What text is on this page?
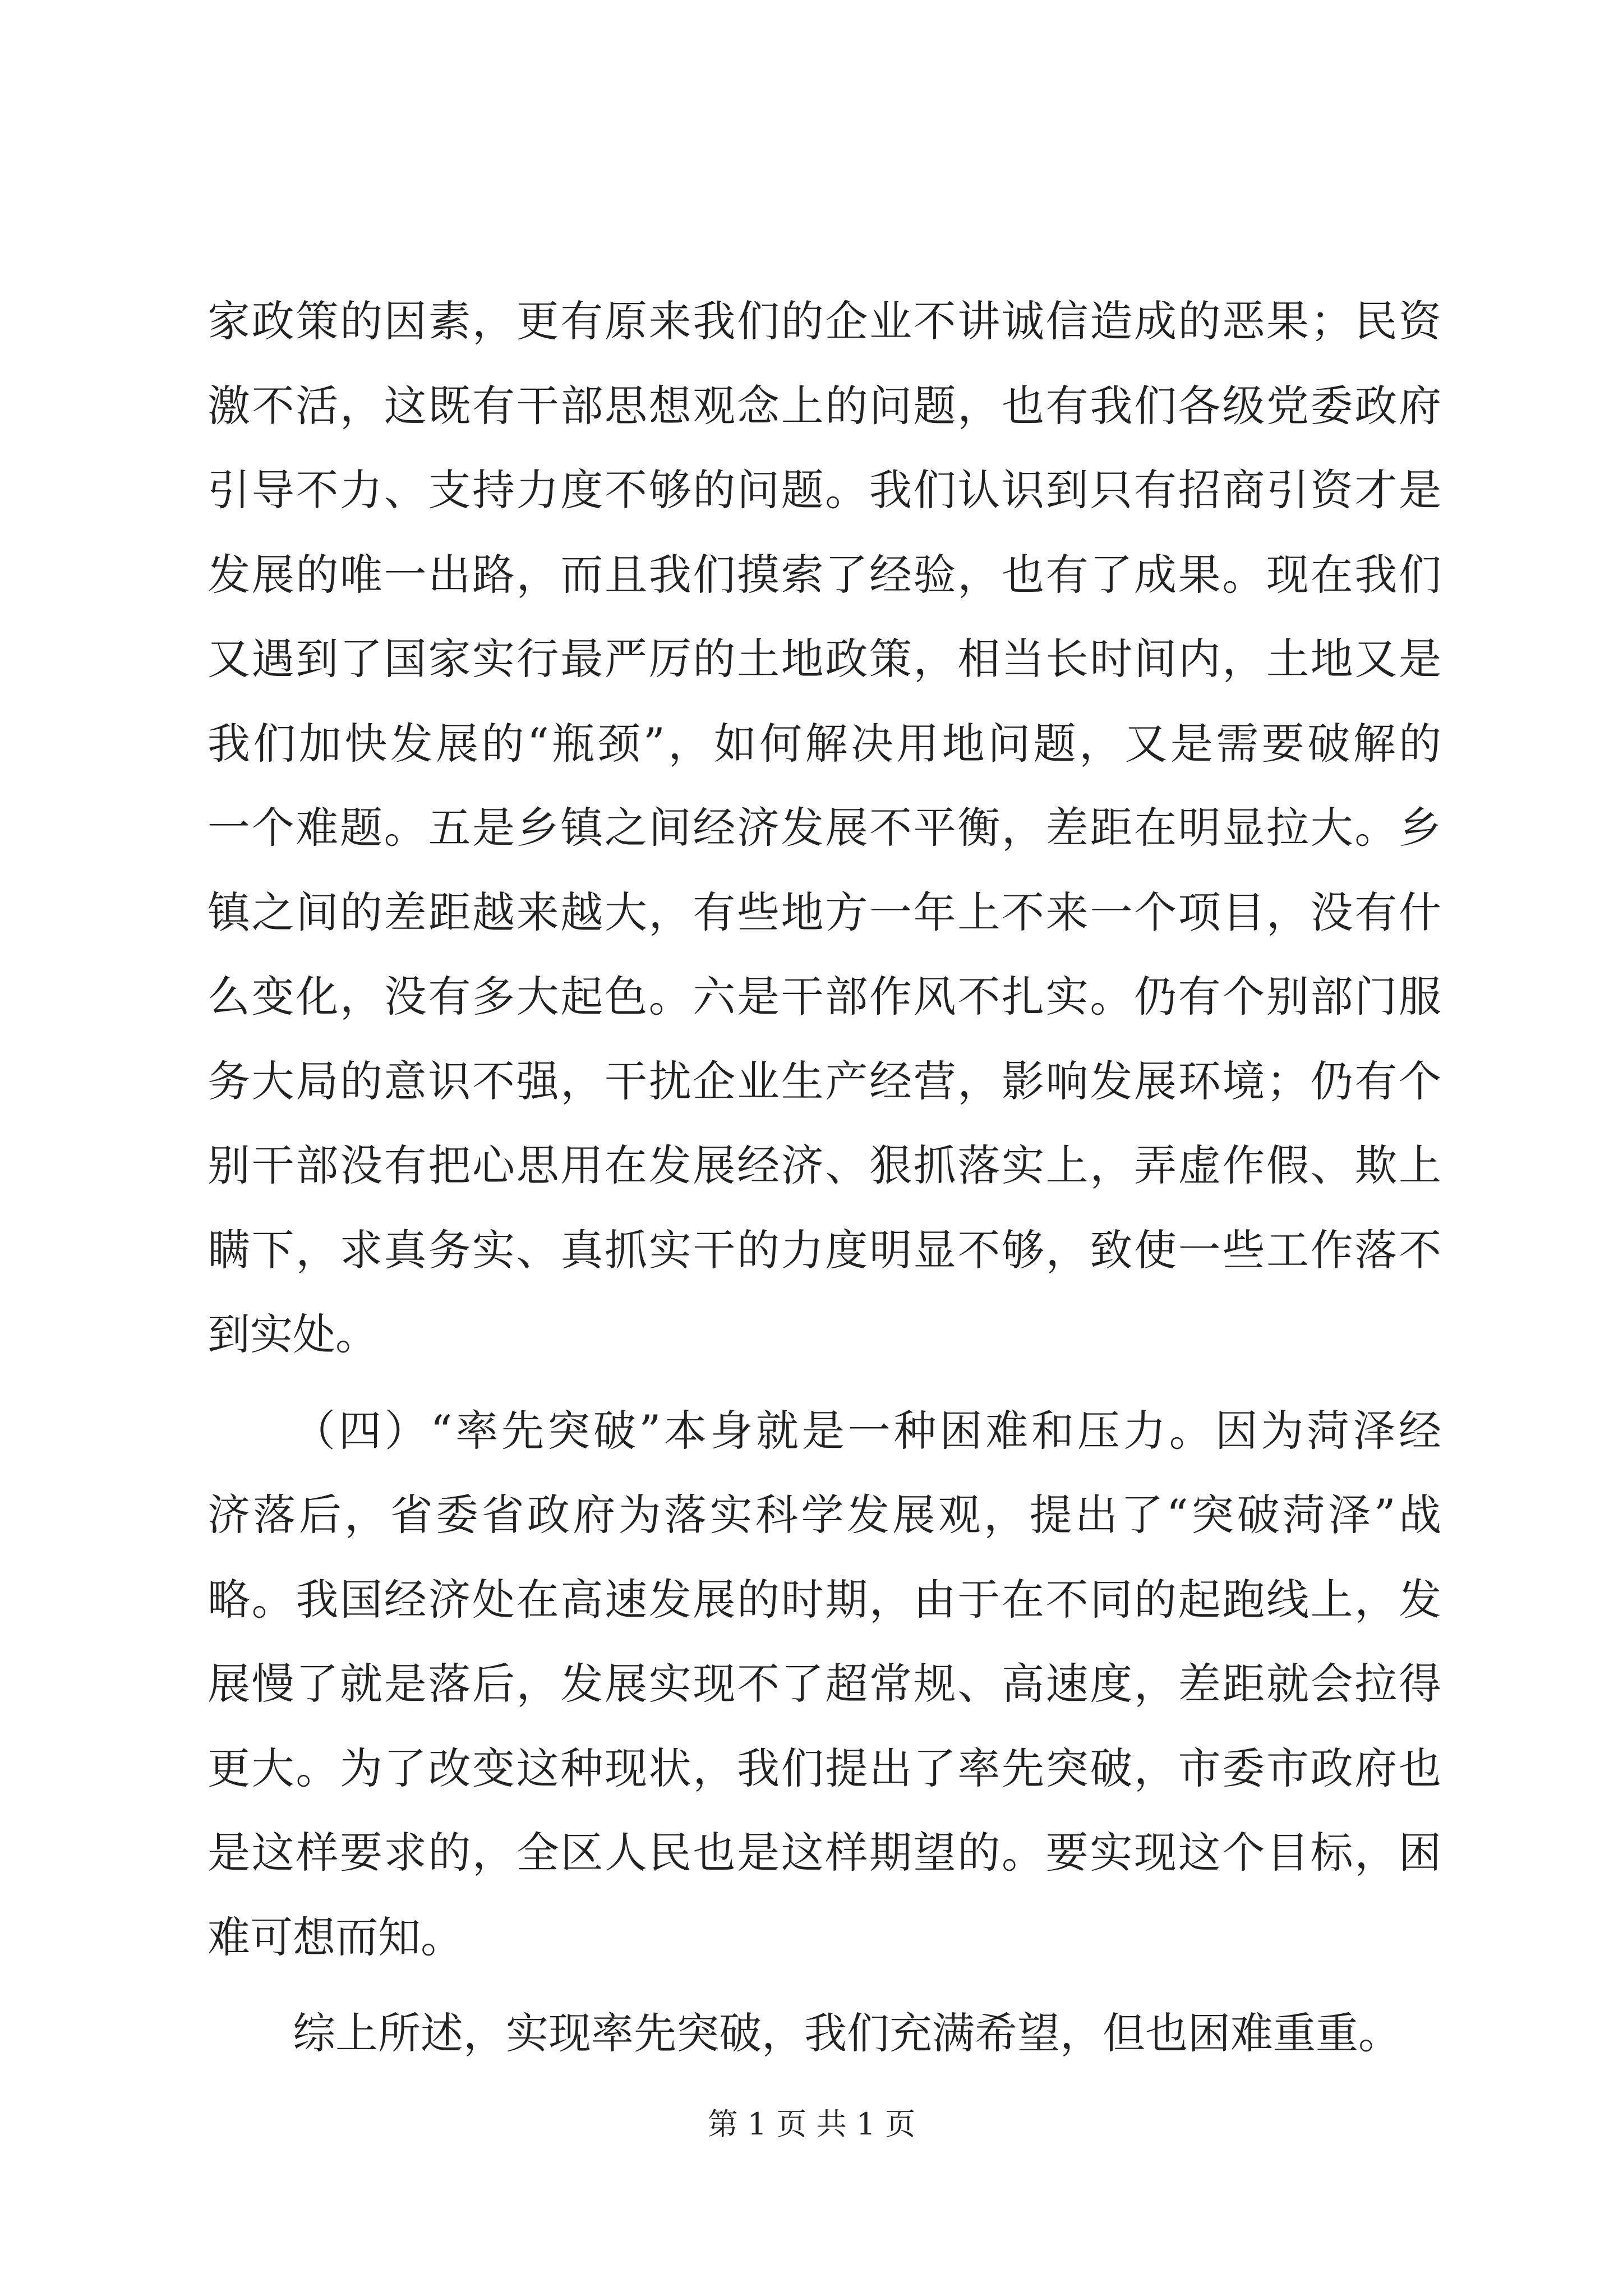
家政策的因素，更有原来我们的企业不讲诚信造成的恶果；民资
激不活，这既有干部思想观念上的问题，也有我们各级党委政府
引导不力、支持力度不够的问题。我们认识到只有招商引资才是
发展的唯一出路，而且我们摸索了经验，也有了成果。现在我们
又遇到了国家实行最严厉的土地政策，相当长时间内，土地又是
我们加快发展的“瓶颈”，如何解决用地问题，又是需要破解的
一个难题。五是乡镇之间经济发展不平衡，差距在明显拉大。乡
镇之间的差距越来越大，有些地方一年上不来一个项目，没有什
么变化，没有多大起色。六是干部作风不扎实。仍有个别部门服
务大局的意识不强，干扰企业生产经营，影响发展环境；仍有个
别干部没有把心思用在发展经济、狠抓落实上，弄虚作假、欺上
瞒下，求真务实、真抓实干的力度明显不够，致使一些工作落不
到实处。
（四）“率先突破”本身就是一种困难和压力。因为菏泽经
济落后，省委省政府为落实科学发展观，提出了“突破菏泽”战
略。我国经济处在高速发展的时期，由于在不同的起跑线上，发
展慢了就是落后，发展实现不了超常规、高速度，差距就会拉得
更大。为了改变这种现状，我们提出了率先突破，市委市政府也
是这样要求的，全区人民也是这样期望的。要实现这个目标，困
难可想而知。
综上所述，实现率先突破，我们充满希望，但也困难重重。
第 1 页 共 1 页
